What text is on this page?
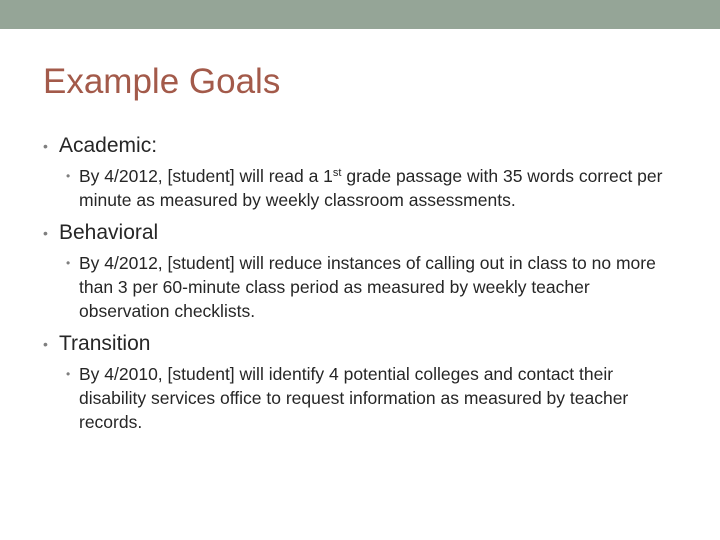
Example Goals
• Academic:
• By 4/2012, [student] will read a 1st grade passage with 35 words correct per minute as measured by weekly classroom assessments.
• Behavioral
• By 4/2012, [student] will reduce instances of calling out in class to no more than 3 per 60-minute class period as measured by weekly teacher observation checklists.
• Transition
• By 4/2010, [student] will identify 4 potential colleges and contact their disability services office to request information as measured by teacher records.
